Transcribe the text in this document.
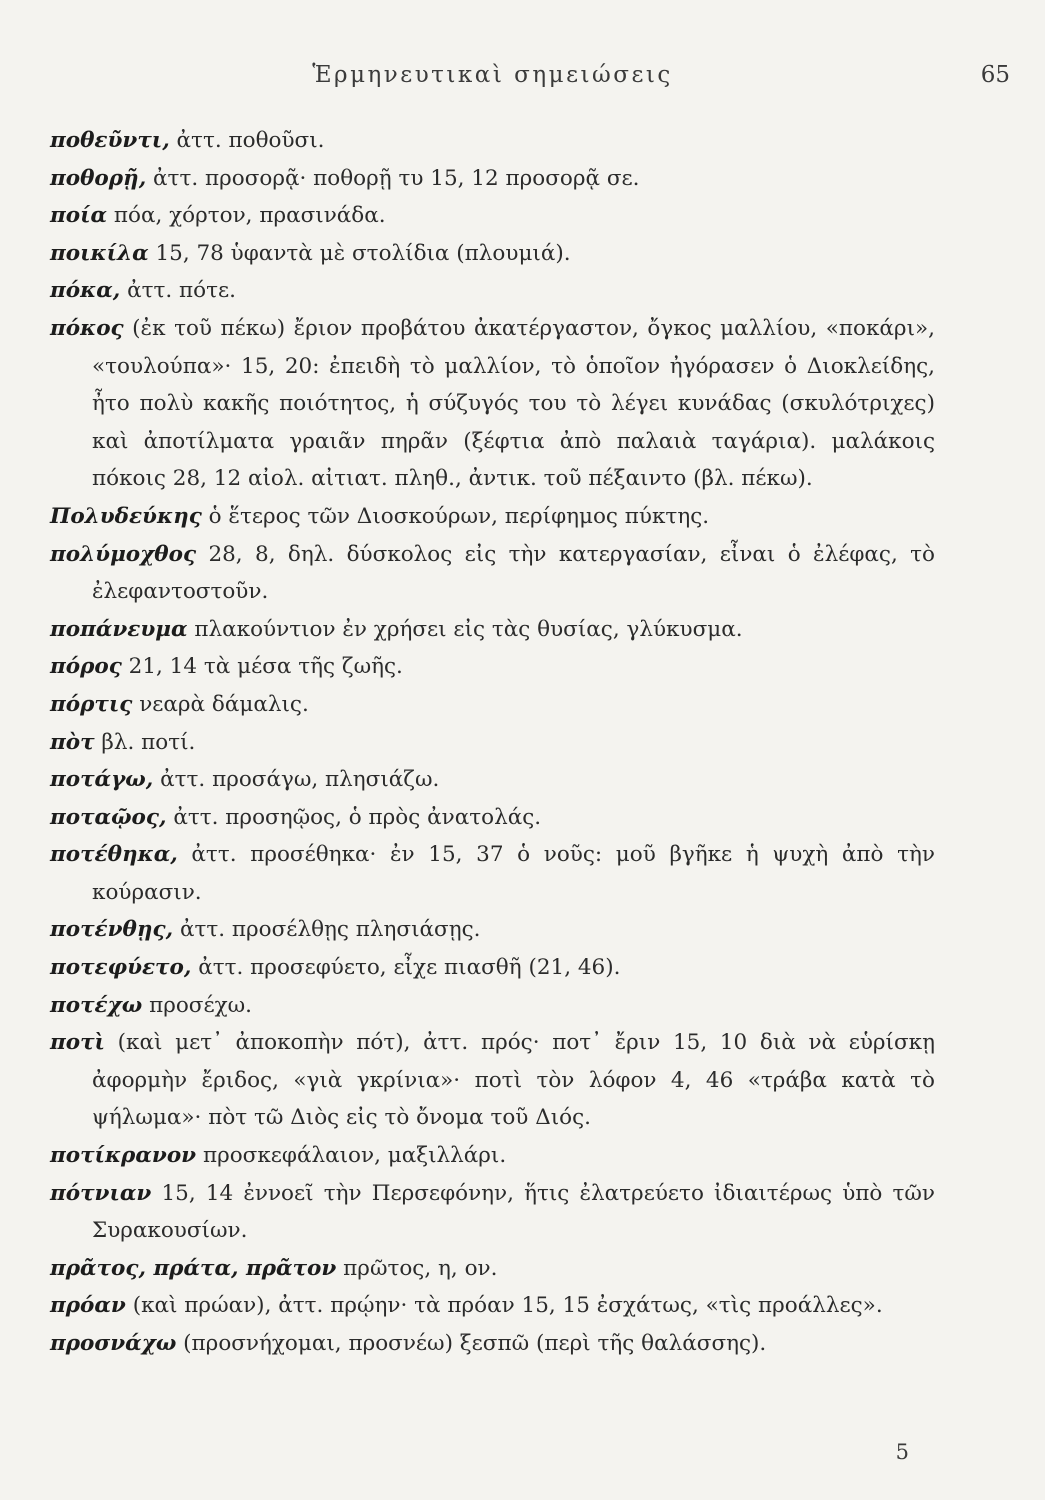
Ἑρμηνευτικαὶ σημειώσεις	65
ποθεῦντι, ἀττ. ποθοῦσι.
ποθορῇ, ἀττ. προσορᾷ· ποθορῇ τυ 15, 12 προσορᾷ σε.
ποία πόα, χόρτον, πρασινάδα.
ποικίλα 15, 78 ὑφαντὰ μὲ στολίδια (πλουμιά).
πόκα, ἀττ. πότε.
πόκος (ἐκ τοῦ πέκω) ἔριον προβάτου ἀκατέργαστον, ὄγκος μαλλίου, «ποκάρι», «τουλούπα»· 15, 20: ἐπειδὴ τὸ μαλλίον, τὸ ὁποῖον ἠγόρασεν ὁ Διοκλείδης, ἦτο πολὺ κακῆς ποιότητος, ἡ σύζυγός του τὸ λέγει κυνάδας (σκυλότριχες) καὶ ἀποτίλματα γραιᾶν πηρᾶν (ξέφτια ἀπὸ παλαιὰ ταγάρια). μαλάκοις πόκοις 28, 12 αἰολ. αἰτιατ. πληθ., ἀντικ. τοῦ πέξαιντο (βλ. πέκω).
Πολυδεύκης ὁ ἕτερος τῶν Διοσκούρων, περίφημος πύκτης.
πολύμοχθος 28, 8, δηλ. δύσκολος εἰς τὴν κατεργασίαν, εἶναι ὁ ἐλέφας, τὸ ἐλεφαντοστοῦν.
ποπάνευμα πλακούντιον ἐν χρήσει εἰς τὰς θυσίας, γλύκυσμα.
πόρος 21, 14 τὰ μέσα τῆς ζωῆς.
πόρτις νεαρὰ δάμαλις.
πὸτ βλ. ποτί.
ποτάγω, ἀττ. προσάγω, πλησιάζω.
ποταῷος, ἀττ. προσηῷος, ὁ πρὸς ἀνατολάς.
ποτέθηκα, ἀττ. προσέθηκα· ἐν 15, 37 ὁ νοῦς: μοῦ βγῆκε ἡ ψυχὴ ἀπὸ τὴν κούρασιν.
ποτένθῃς, ἀττ. προσέλθῃς πλησιάσῃς.
ποτεφύετο, ἀττ. προσεφύετο, εἶχε πιασθῆ (21, 46).
ποτέχω προσέχω.
ποτὶ (καὶ μετ᾽ ἀποκοπὴν πότ), ἀττ. πρός· ποτ᾽ ἔριν 15, 10 διὰ νὰ εὑρίσκῃ ἀφορμὴν ἔριδος, «γιὰ γκρίνια»· ποτὶ τὸν λόφον 4, 46 «τράβα κατὰ τὸ ψήλωμα»· πὸτ τῶ Διὸς εἰς τὸ ὄνομα τοῦ Διός.
ποτίκρανον προσκεφάλαιον, μαξιλλάρι.
πότνιαν 15, 14 ἐννοεῖ τὴν Περσεφόνην, ἥτις ἐλατρεύετο ἰδιαιτέρως ὑπὸ τῶν Συρακουσίων.
πρᾶτος, πράτα, πρᾶτον πρῶτος, η, ον.
πρόαν (καὶ πρώαν), ἀττ. πρῴην· τὰ πρόαν 15, 15 ἐσχάτως, «τὶς προάλλες».
προσνάχω (προσνήχομαι, προσνέω) ξεσπῶ (περὶ τῆς θαλάσσης).
5
